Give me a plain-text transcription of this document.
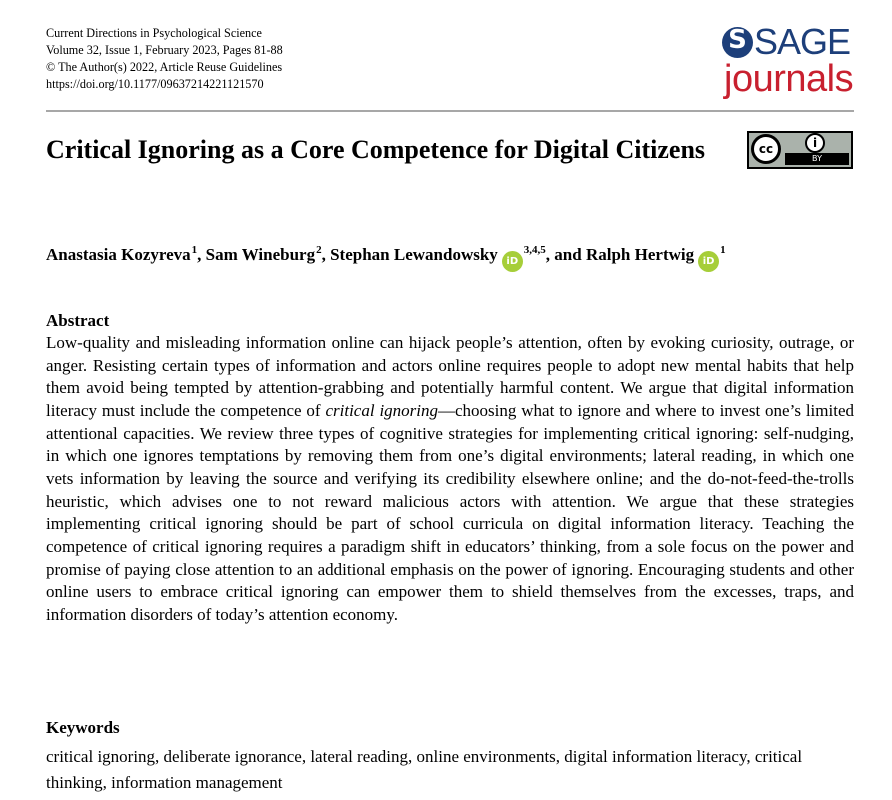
Current Directions in Psychological Science
Volume 32, Issue 1, February 2023, Pages 81-88
© The Author(s) 2022, Article Reuse Guidelines
https://doi.org/10.1177/09637214221121570
S SAGE
journals
Critical Ignoring as a Core Competence for Digital Citizens	cc	i
BY
Anastasia Kozyreva$^1$, Sam Wineburg$^2$, Stephan Lewandowsky iD$^{3,4,5}$, and Ralph Hertwig $iD^1$
Abstract

Low-quality and misleading information online can hijack people’s attention, often by evoking curiosity, outrage, or anger. Resisting certain types of information and actors online requires people to adopt new mental habits that help them avoid being tempted by attention-grabbing and potentially harmful content. We argue that digital information literacy must include the competence of critical ignoring—choosing what to ignore and where to invest one’s limited attentional capacities. We review three types of cognitive strategies for implementing critical ignoring: self-nudging, in which one ignores temptations by removing them from one’s digital environments; lateral reading, in which one vets information by leaving the source and verifying its credibility elsewhere online; and the do-not-feed-the-trolls heuristic, which advises one to not reward malicious actors with attention. We argue that these strategies implementing critical ignoring should be part of school curricula on digital information literacy. Teaching the competence of critical ignoring requires a paradigm shift in educators’ thinking, from a sole focus on the power and promise of paying close attention to an additional emphasis on the power of ignoring. Encouraging students and other online users to embrace critical ignoring can empower them to shield themselves from the excesses, traps, and information disorders of today’s attention economy.

Keywords

critical ignoring, deliberate ignorance, lateral reading, online environments, digital information literacy, critical thinking, information management
